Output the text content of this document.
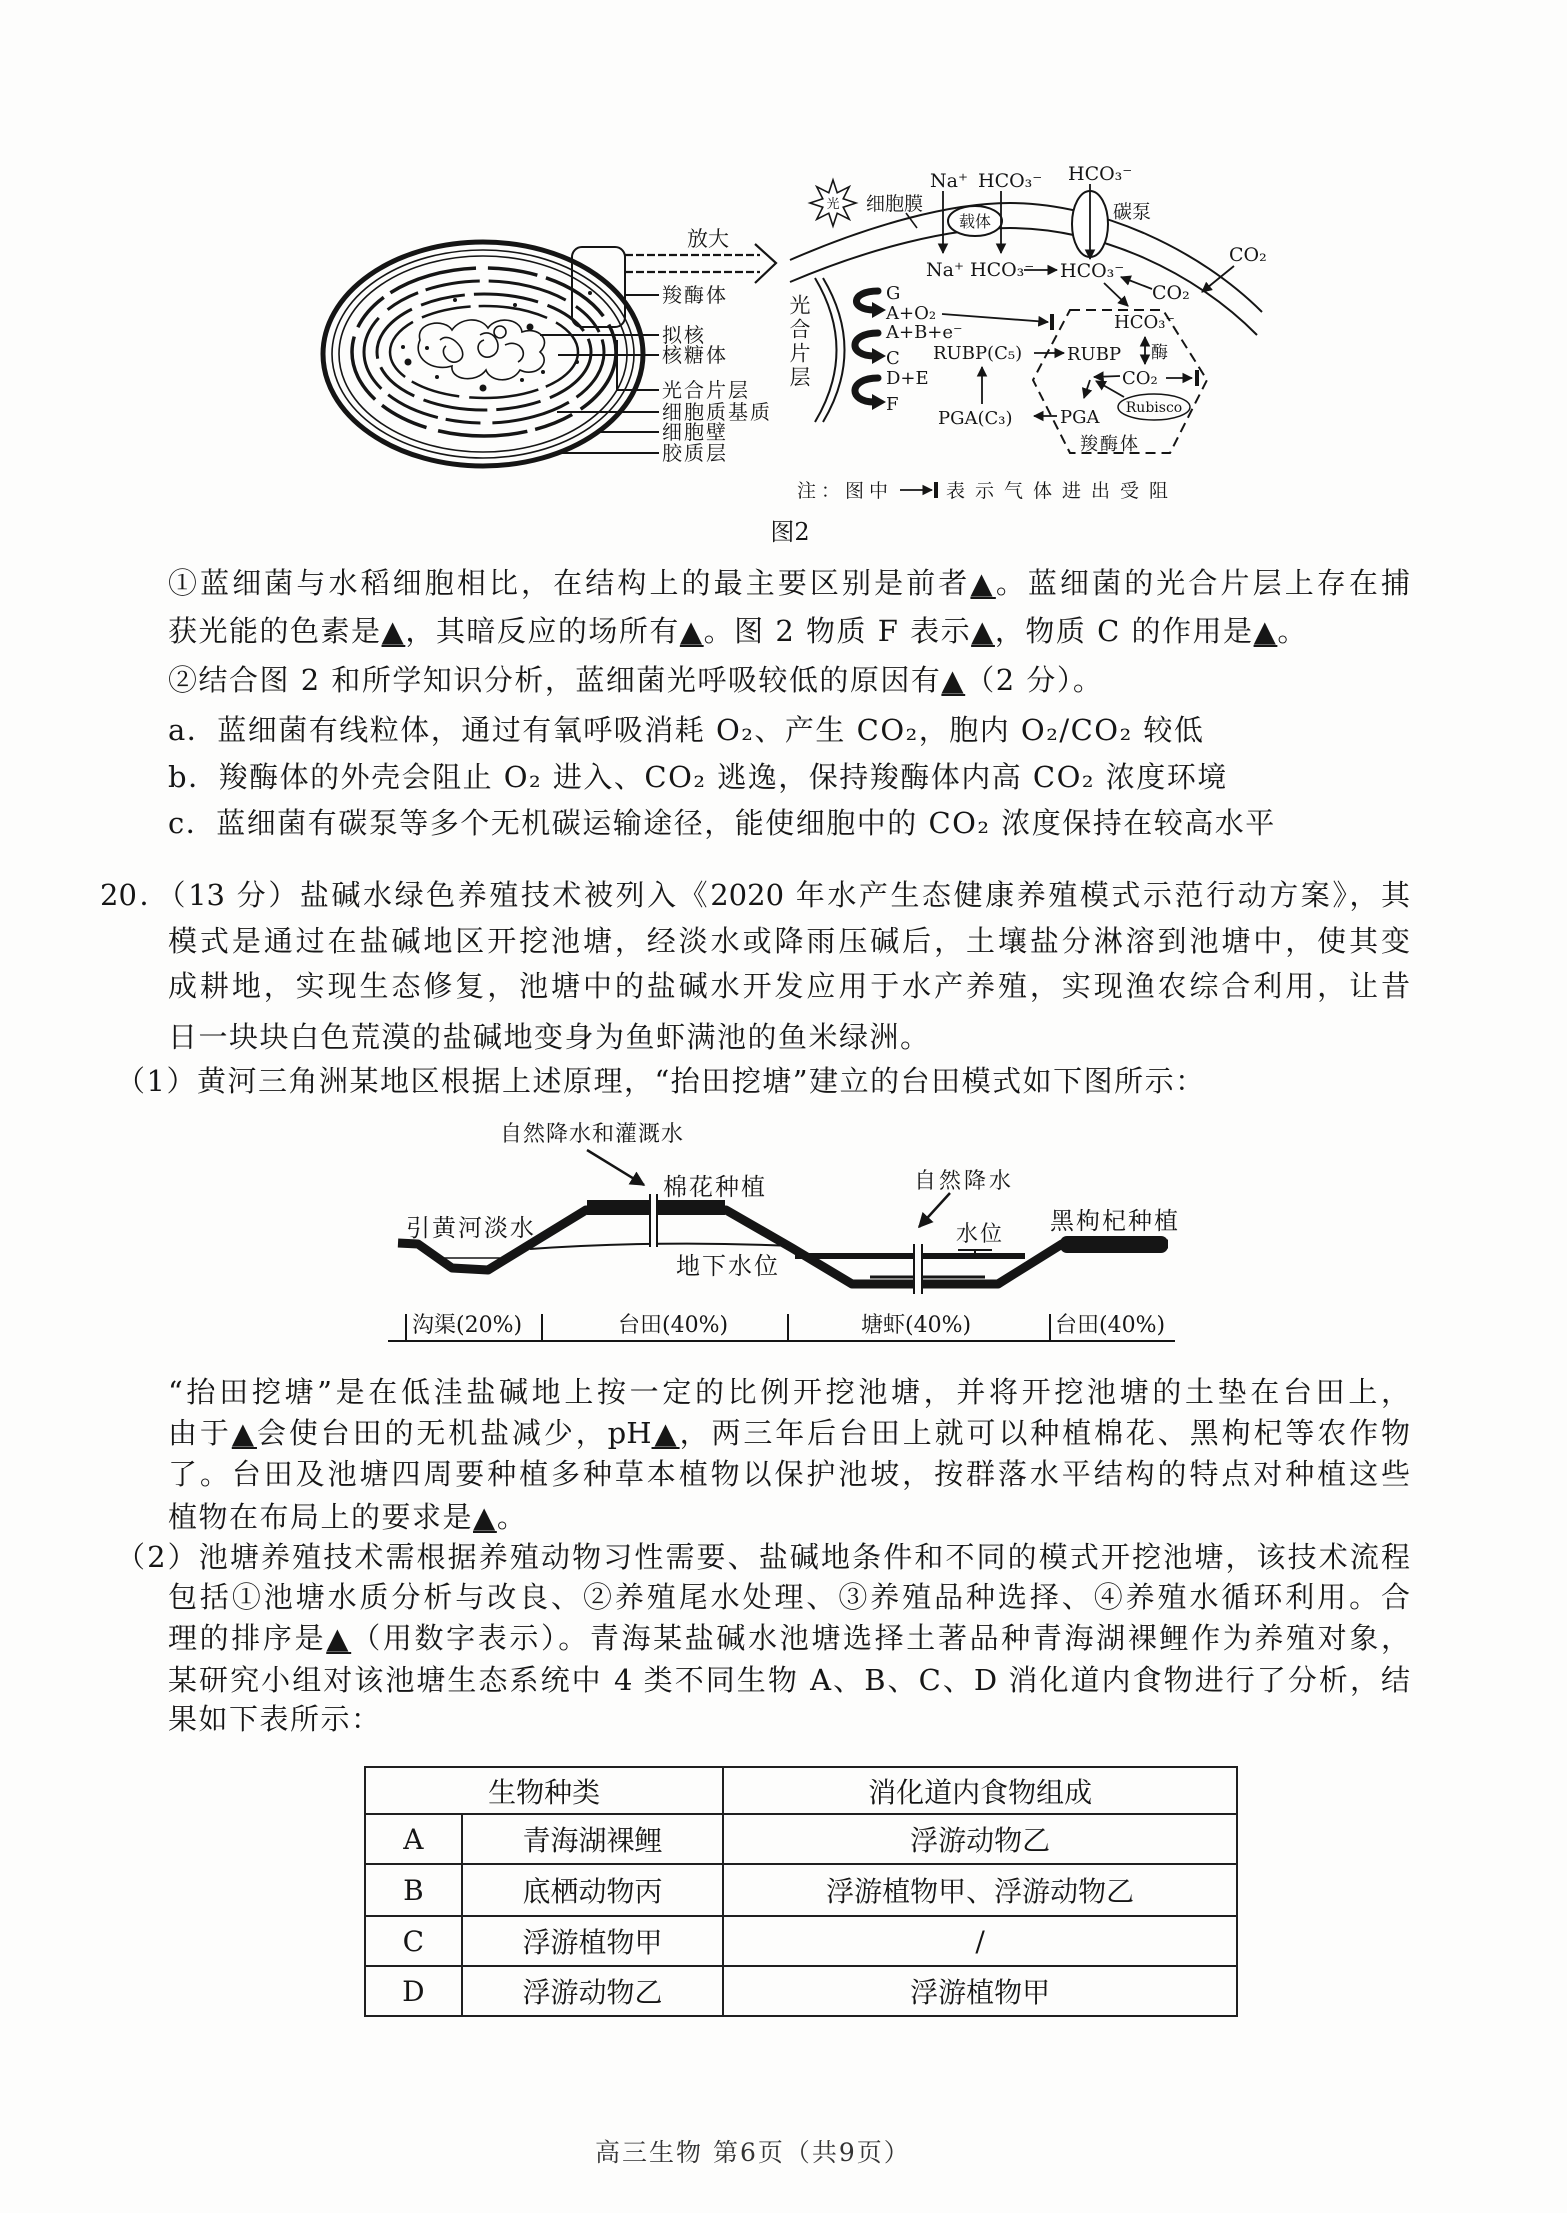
放大
羧酶体
拟核
核糖体
光合片层
细胞质基质
细胞壁
胶质层
光 细胞膜
Na⁺ HCO₃⁻ HCO₃⁻
载体	碳泵
Na⁺ HCO₃⁻ HCO₃⁻
CO₂
CO₂
G
A+O₂
A+B+e⁻
C
D+E
F
RUBP(C₅)
PGA(C₃)
HCO₃⁻
RUBP 酶
CO₂
Rubisco
PGA
羧酶体
注：图中	表示气体进出受阻
光合片层
图2
①蓝细菌与水稻细胞相比，在结构上的最主要区别是前者▲。蓝细菌的光合片层上存在捕
获光能的色素是▲，其暗反应的场所有▲。图 2 物质 F 表示▲，物质 C 的作用是▲。
②结合图 2 和所学知识分析，蓝细菌光呼吸较低的原因有▲（2 分）。
a．蓝细菌有线粒体，通过有氧呼吸消耗 O₂、产生 CO₂，胞内 O₂/CO₂ 较低
b．羧酶体的外壳会阻止 O₂ 进入、CO₂ 逃逸，保持羧酶体内高 CO₂ 浓度环境
c．蓝细菌有碳泵等多个无机碳运输途径，能使细胞中的 CO₂ 浓度保持在较高水平
20．（13 分）盐碱水绿色养殖技术被列入《2020 年水产生态健康养殖模式示范行动方案》，其
模式是通过在盐碱地区开挖池塘，经淡水或降雨压碱后，土壤盐分淋溶到池塘中，使其变
成耕地，实现生态修复，池塘中的盐碱水开发应用于水产养殖，实现渔农综合利用，让昔
日一块块白色荒漠的盐碱地变身为鱼虾满池的鱼米绿洲。
（1）黄河三角洲某地区根据上述原理，“抬田挖塘”建立的台田模式如下图所示：
自然降水和灌溉水
棉花种植
引黄河淡水
地下水位
自然降水
水位 黑枸杞种植
沟渠(20%)	台田(40%)	塘虾(40%)	台田(40%)
“抬田挖塘”是在低洼盐碱地上按一定的比例开挖池塘，并将开挖池塘的土垫在台田上，
由于▲会使台田的无机盐减少，pH▲，两三年后台田上就可以种植棉花、黑枸杞等农作物
了。台田及池塘四周要种植多种草本植物以保护池坡，按群落水平结构的特点对种植这些
植物在布局上的要求是▲。
（2）池塘养殖技术需根据养殖动物习性需要、盐碱地条件和不同的模式开挖池塘，该技术流程
包括①池塘水质分析与改良、②养殖尾水处理、③养殖品种选择、④养殖水循环利用。合
理的排序是▲（用数字表示）。青海某盐碱水池塘选择土著品种青海湖裸鲤作为养殖对象，
某研究小组对该池塘生态系统中 4 类不同生物 A、B、C、D 消化道内食物进行了分析，结
果如下表所示：
生物种类		消化道内食物组成
A	青海湖裸鲤	浮游动物乙
B	底栖动物丙	浮游植物甲、浮游动物乙
C	浮游植物甲	/
D	浮游动物乙	浮游植物甲
高三生物 第6页（共9页）
